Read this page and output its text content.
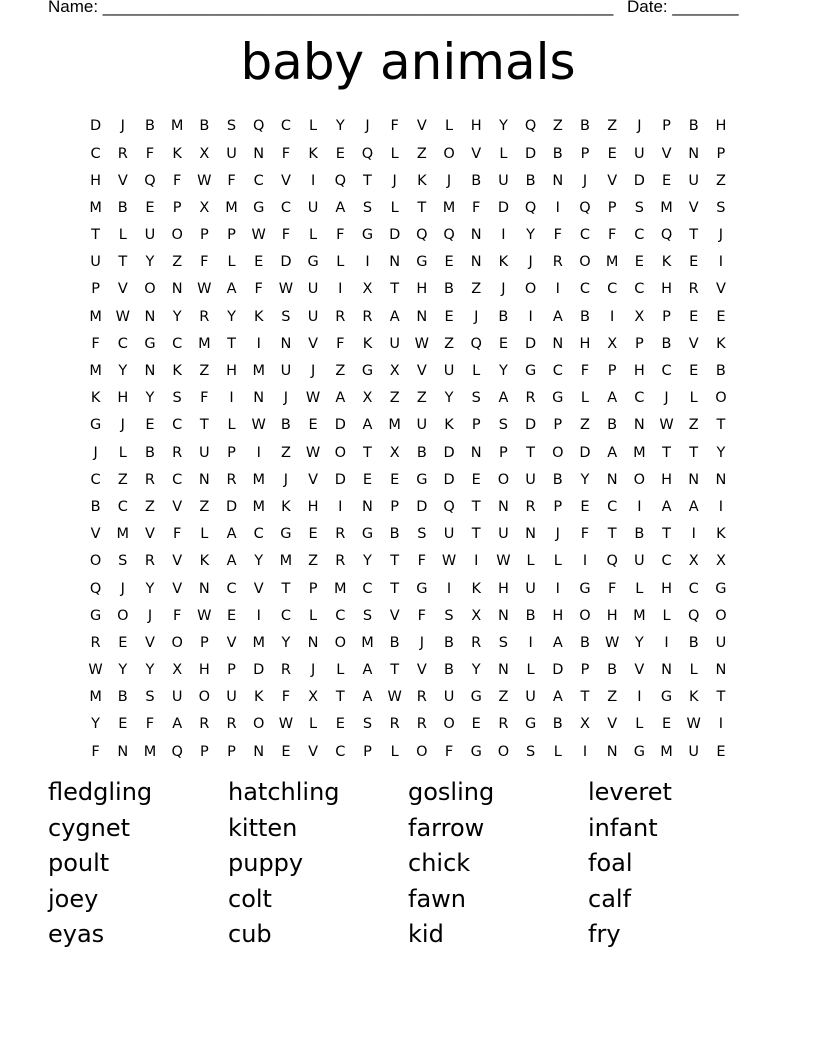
Name: ______________________________________________________ Date: _______
baby animals
D	J	B	M	B	S	Q	C	L	Y	J	F	V	L	H	Y	Q	Z	B	Z	J	P	B	H
C	R	F	K	X	U	N	F	K	E	Q	L	Z	O	V	L	D	B	P	E	U	V	N	P
H	V	Q	F	W	F	C	V	I	Q	T	J	K	J	B	U	B	N	J	V	D	E	U	Z
M	B	E	P	X	M	G	C	U	A	S	L	T	M	F	D	Q	I	Q	P	S	M	V	S
T	L	U	O	P	P	W	F	L	F	G	D	Q	Q	N	I	Y	F	C	F	C	Q	T	J
U	T	Y	Z	F	L	E	D	G	L	I	N	G	E	N	K	J	R	O	M	E	K	E	I
P	V	O	N	W	A	F	W	U	I	X	T	H	B	Z	J	O	I	C	C	C	H	R	V
M W	N	Y	R	Y	K	S	U	R	R	A	N	E	J	B	I	A	B	I	X	P	E	E
F	C	G	C	M	T	I	N	V	F	K	U	W	Z	Q	E	D	N	H	X	P	B	V	K
M	Y	N	K	Z	H	M	U	J	Z	G	X	V	U	L	Y	G	C	F	P	H	C	E	B
K	H	Y	S	F	I	N	J	W	A	X	Z	Z	Y	S	A	R	G	L	A	C	J	L	O
G	J	E	C	T	L	W	B	E	D	A	M	U	K	P	S	D	P	Z	B	N	W	Z	T
J	L	B	R	U	P	I	Z	W O	T	X	B	D	N	P	T	O	D	A	M	T	T	Y
C	Z	R	C	N	R	M	J	V	D	E	E	G	D	E	O	U	B	Y	N	O	H	N	N
B	C	Z	V	Z	D	M	K	H	I	N	P	D	Q	T	N	R	P	E	C	I	A	A	I
V	M	V	F	L	A	C	G	E	R	G	B	S	U	T	U	N	J	F	T	B	T	I	K
O	S	R	V	K	A	Y	M	Z	R	Y	T	F	W	I	W	L	L	I	Q	U	C	X	X
Q	J	Y	V	N	C	V	T	P	M	C	T	G	I	K	H	U	I	G	F	L	H	C	G
G	O	J	F	W	E	I	C	L	C	S	V	F	S	X	N	B	H	O	H	M	L	Q	O
R	E	V	O	P	V	M	Y	N	O	M	B	J	B	R	S	I	A	B	W	Y	I	B	U
W	Y	Y	X	H	P	D	R	J	L	A	T	V	B	Y	N	L	D	P	B	V	N	L	N
M	B	S	U	O	U	K	F	X	T	A	W	R	U	G	Z	U	A	T	Z	I	G	K	T
Y	E	F	A	R	R	O W	L	E	S	R	R	O	E	R	G	B	X	V	L	E	W	I
F	N	M	Q	P	P	N	E	V	C	P	L	O	F	G	O	S	L	I	N	G	M	U	E
fledgling	hatchling	gosling	leveret
cygnet	kitten	farrow	infant
poult	puppy	chick	foal
joey	colt	fawn	calf
eyas	cub	kid	fry
